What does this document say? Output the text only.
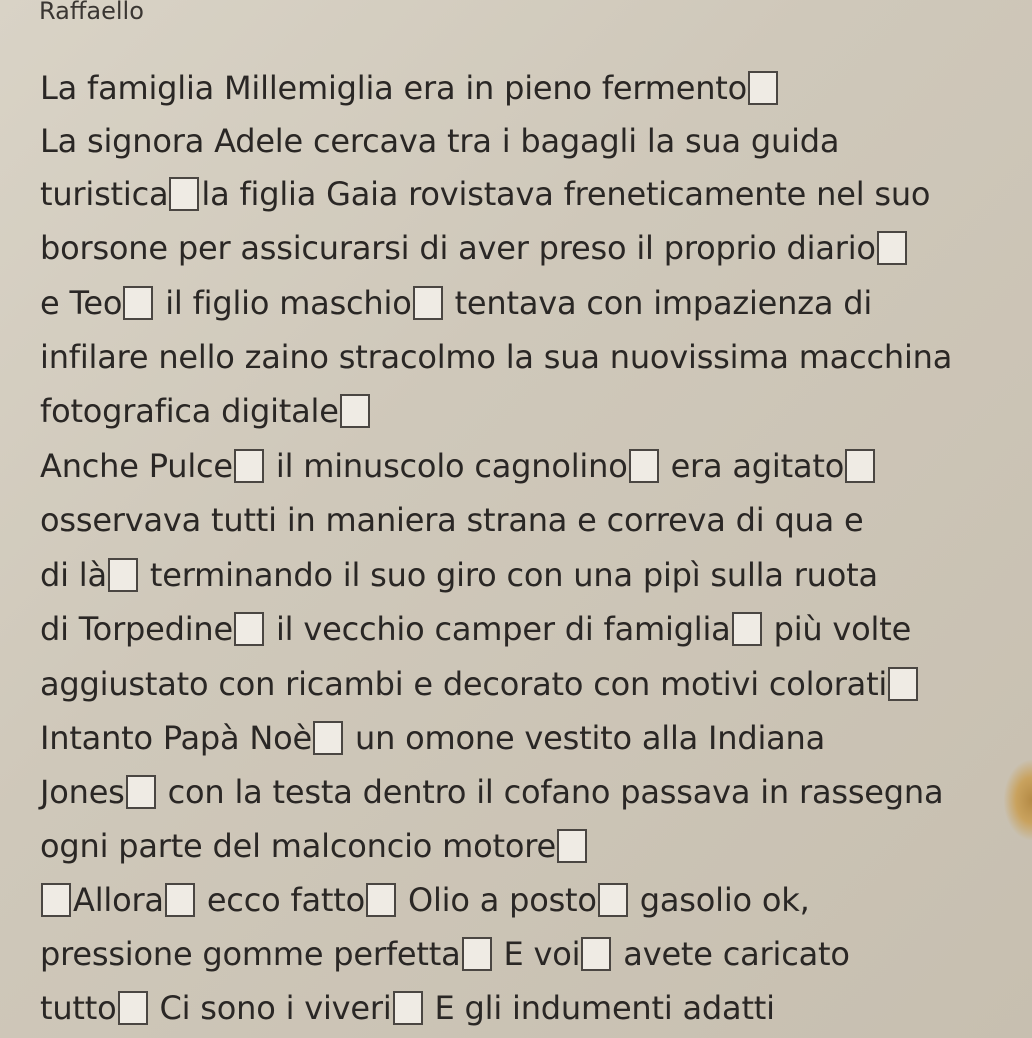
Raffaello
La famiglia Millemiglia era in pieno fermento
La signora Adele cercava tra i bagagli la sua guida
turistica la figlia Gaia rovistava freneticamente nel suo
borsone per assicurarsi di aver preso il proprio diario
e Teo il figlio maschio tentava con impazienza di
infilare nello zaino stracolmo la sua nuovissima macchina
fotografica digitale
Anche Pulce il minuscolo cagnolino era agitato
osservava tutti in maniera strana e correva di qua e
di là terminando il suo giro con una pipì sulla ruota
di Torpedine il vecchio camper di famiglia più volte
aggiustato con ricambi e decorato con motivi colorati
Intanto Papà Noè un omone vestito alla Indiana
Jones con la testa dentro il cofano passava in rassegna
ogni parte del malconcio motore
Allora ecco fatto Olio a posto gasolio ok,
pressione gomme perfetta E voi avete caricato
tutto Ci sono i viveri E gli indumenti adatti
